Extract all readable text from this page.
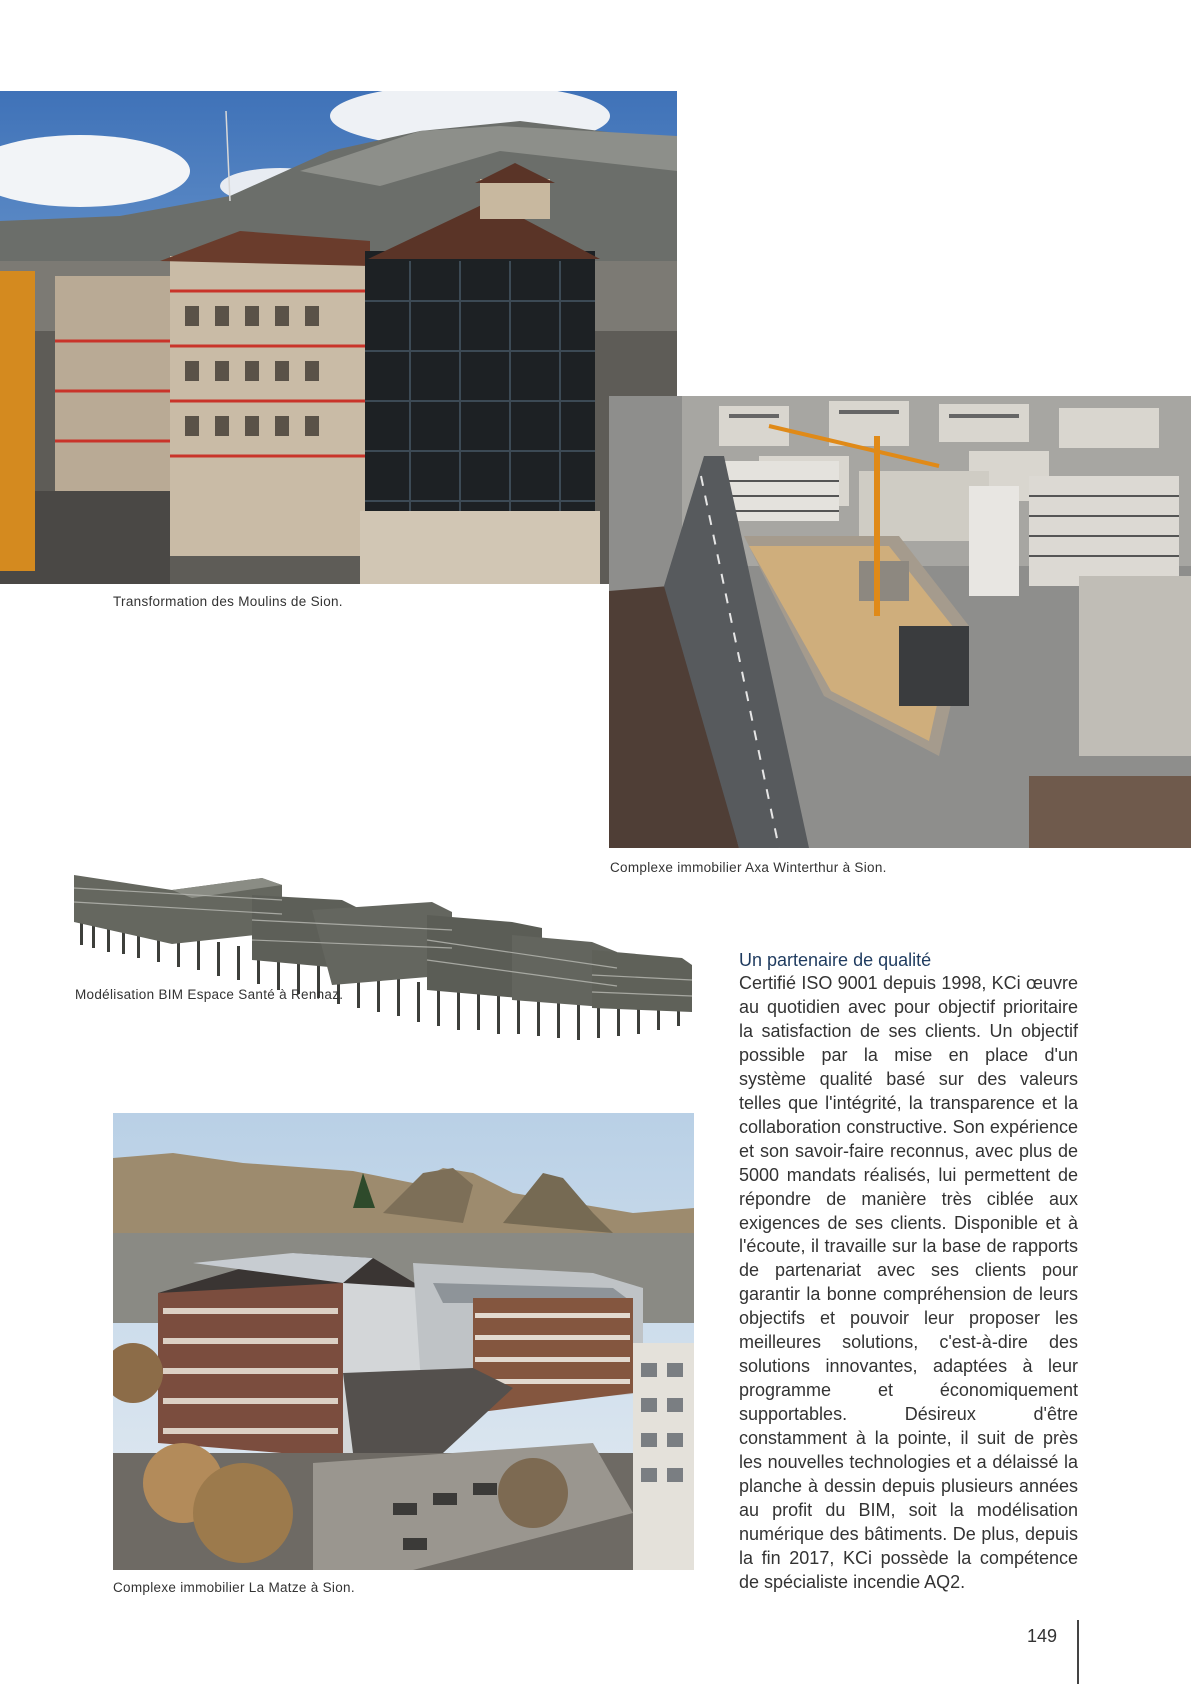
Transformation des Moulins de Sion.
Complexe immobilier Axa Winterthur à Sion.
Modélisation BIM Espace Santé à Rennaz.
Complexe immobilier La Matze à Sion.
Un partenaire de qualité

Certifié ISO 9001 depuis 1998, KCi œuvre au quotidien avec pour objectif prioritaire la satisfaction de ses clients. Un objectif possible par la mise en place d'un système qualité basé sur des valeurs telles que l'intégrité, la transparence et la collaboration constructive. Son expérience et son savoir-faire reconnus, avec plus de 5000 mandats réalisés, lui permettent de répondre de manière très ciblée aux exigences de ses clients. Disponible et à l'écoute, il travaille sur la base de rapports de partenariat avec ses clients pour garantir la bonne compréhension de leurs objectifs et pouvoir leur proposer les meilleures solutions, c'est-à-dire des solutions innovantes, adaptées à leur programme et économiquement supportables. Désireux d'être constamment à la pointe, il suit de près les nouvelles technologies et a délaissé la planche à dessin depuis plusieurs années au profit du BIM, soit la modélisation numérique des bâtiments. De plus, depuis la fin 2017, KCi possède la compétence de spécialiste incendie AQ2.

149
